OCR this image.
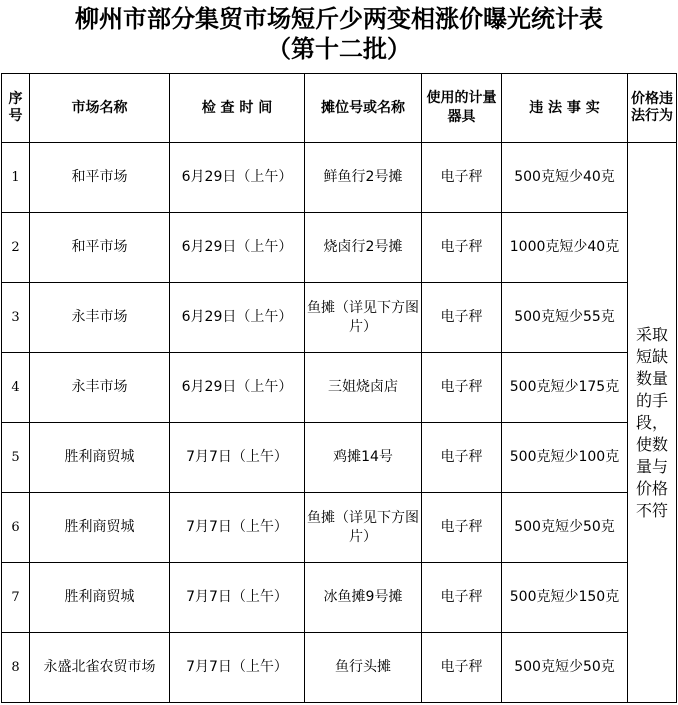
柳州市部分集贸市场短斤少两变相涨价曝光统计表
（第十二批）
序号	市场名称	检 查 时 间	摊位号或名称	使用的计量器具	违 法 事 实	价格违法行为
1	和平市场	6月29日（上午）	鲜鱼行2号摊	电子秤	500克短少40克	采取短缺数量的手段，使数量与价格不符
2	和平市场	6月29日（上午）	烧卤行2号摊	电子秤	1000克短少40克	
3	永丰市场	6月29日（上午）	鱼摊（详见下方图片）	电子秤	500克短少55克	
4	永丰市场	6月29日（上午）	三姐烧卤店	电子秤	500克短少175克	
5	胜利商贸城	7月7日（上午）	鸡摊14号	电子秤	500克短少100克	
6	胜利商贸城	7月7日（上午）	鱼摊（详见下方图片）	电子秤	500克短少50克	
7	胜利商贸城	7月7日（上午）	冰鱼摊9号摊	电子秤	500克短少150克	
8	永盛北雀农贸市场	7月7日（上午）	鱼行头摊	电子秤	500克短少50克	
